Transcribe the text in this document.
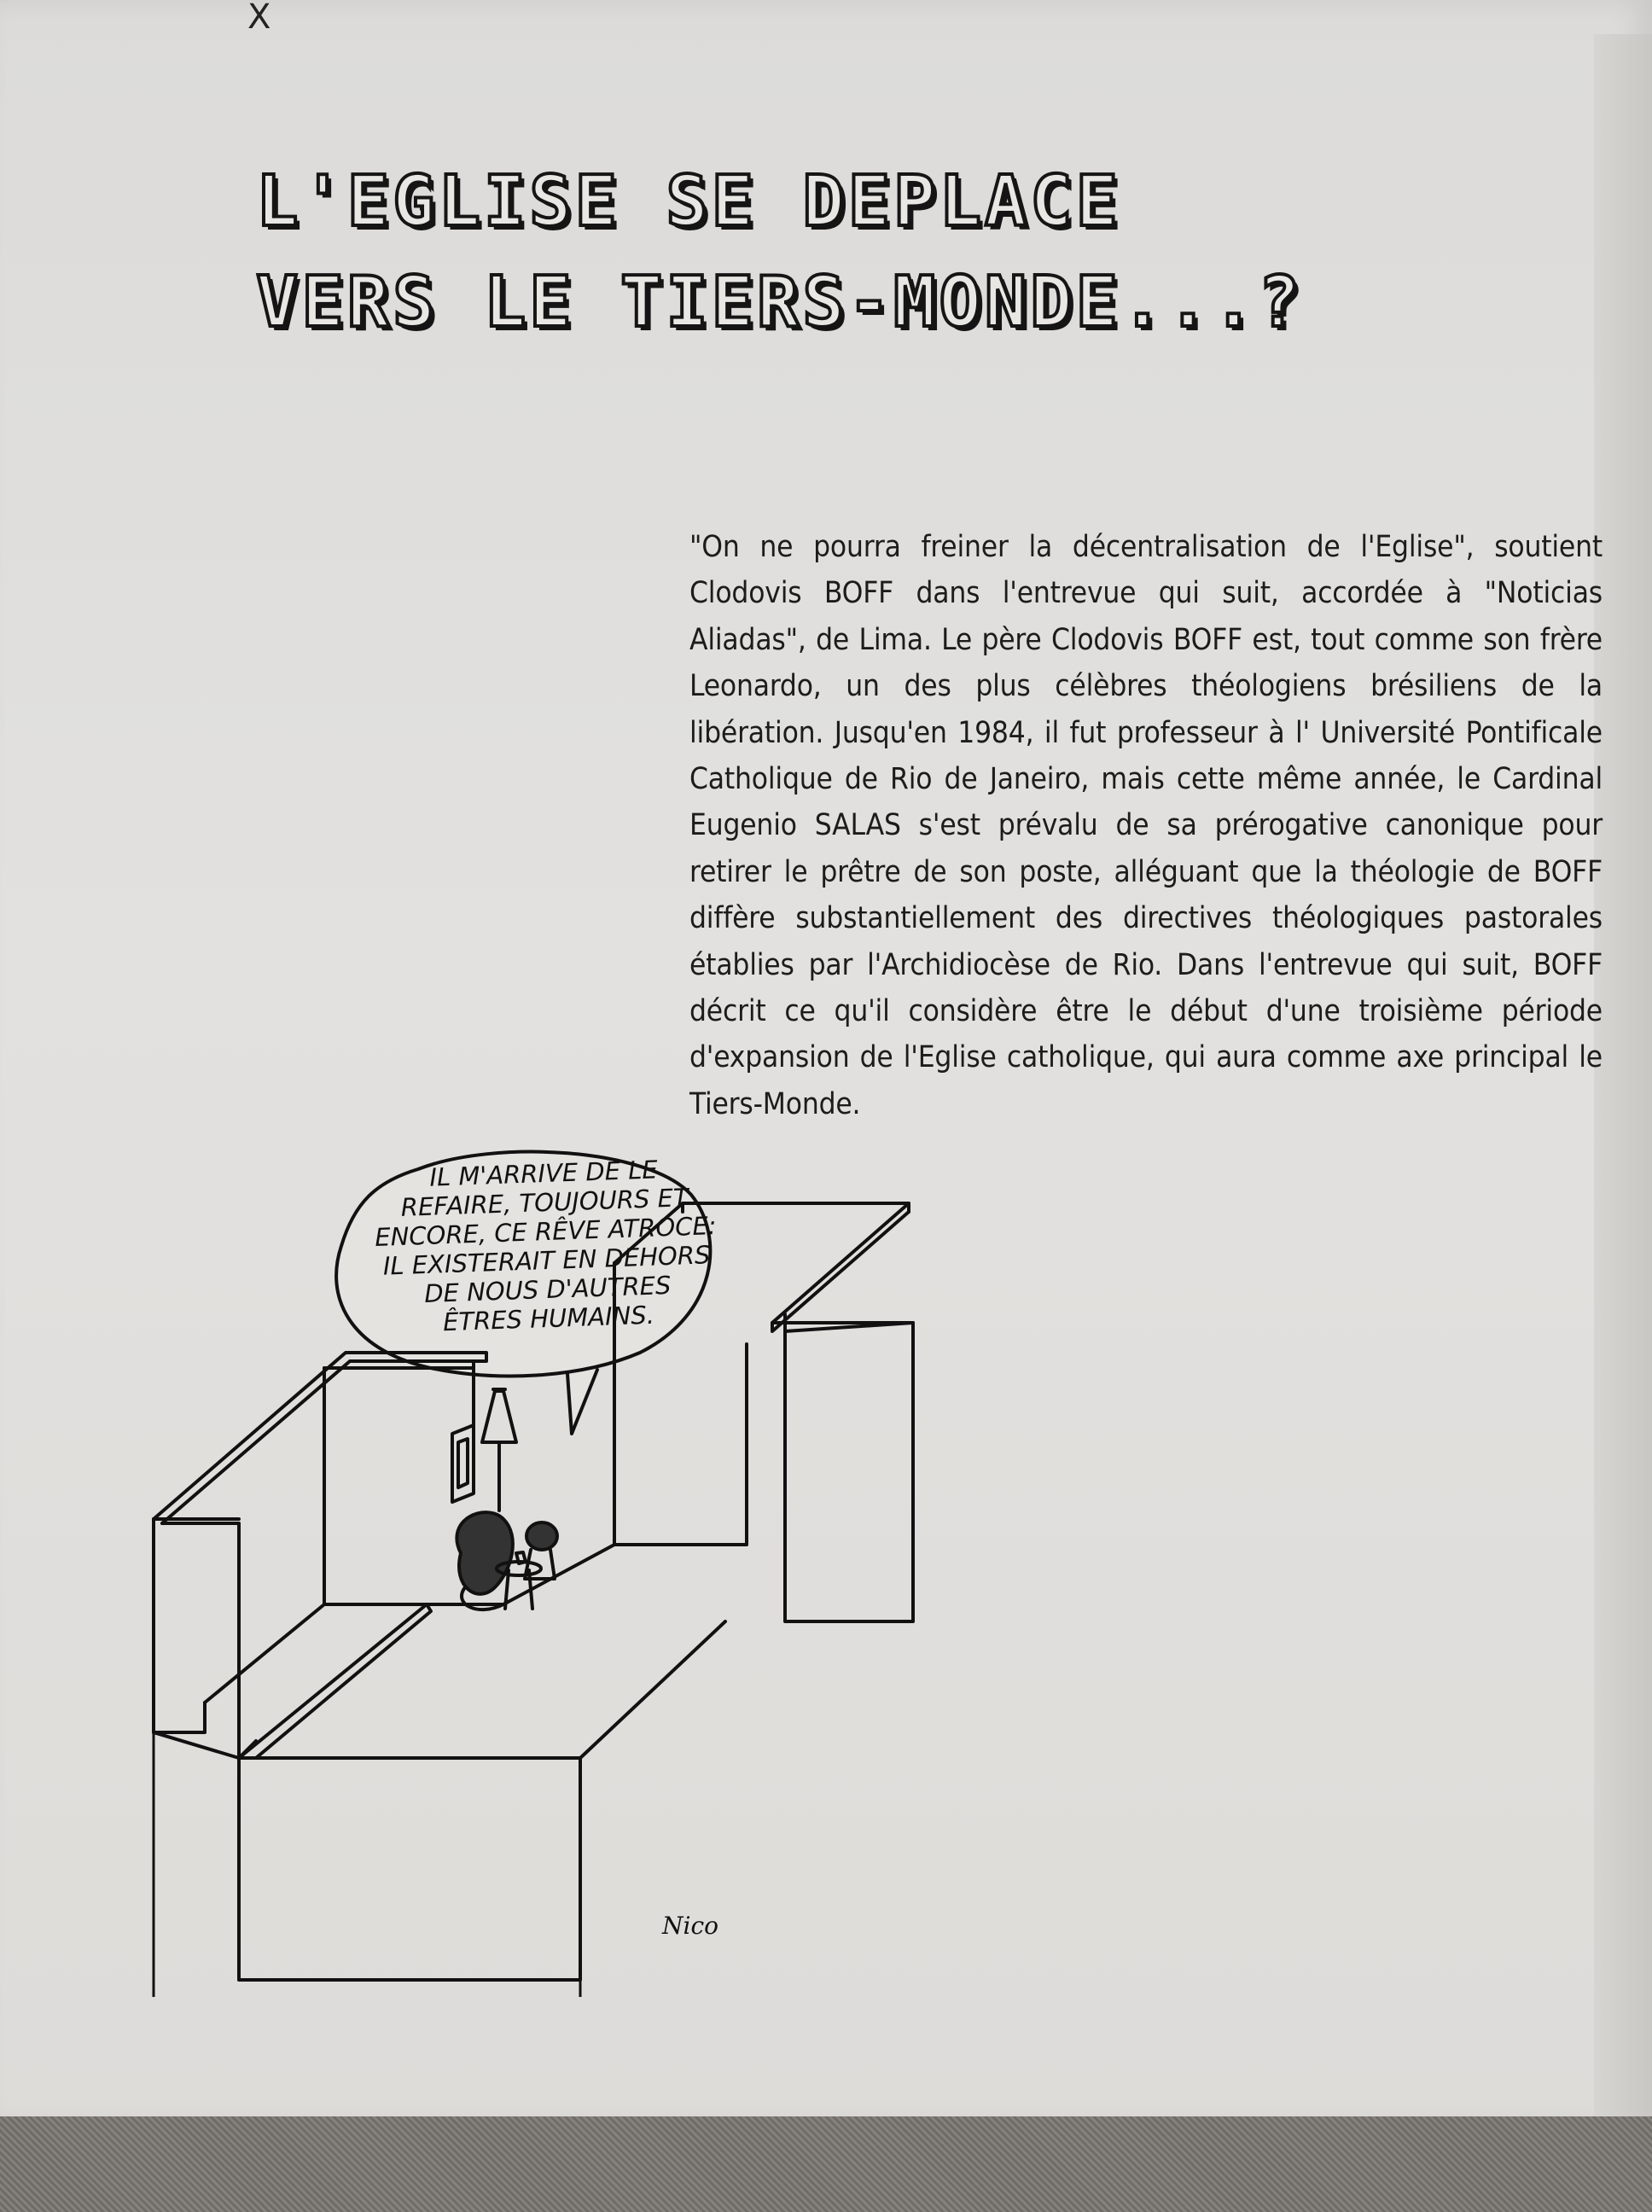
X
L'EGLISE SE DEPLACE
VERS LE TIERS-MONDE...?

"On ne pourra freiner la décentralisation de l'Eglise", soutient Clodovis BOFF dans l'entrevue qui suit, accordée à "Noticias Aliadas", de Lima. Le père Clodovis BOFF est, tout comme son frère Leonardo, un des plus célèbres théologiens brésiliens de la libération. Jusqu'en 1984, il fut professeur à l' Université Pontificale Catholique de Rio de Janeiro, mais cette même année, le Cardinal Eugenio SALAS s'est prévalu de sa prérogative canonique pour retirer le prêtre de son poste, alléguant que la théologie de BOFF diffère substantiellement des directives théologiques pastorales établies par l'Archidiocèse de Rio. Dans l'entrevue qui suit, BOFF décrit ce qu'il considère être le début d'une troisième période d'expansion de l'Eglise catholique, qui aura comme axe principal le Tiers-Monde.

IL M'ARRIVE DE LE
REFAIRE, TOUJOURS ET
ENCORE, CE RÊVE ATROCE:
IL EXISTERAIT EN DEHORS
DE NOUS D'AUTRES
ÊTRES HUMAINS.
Nico
